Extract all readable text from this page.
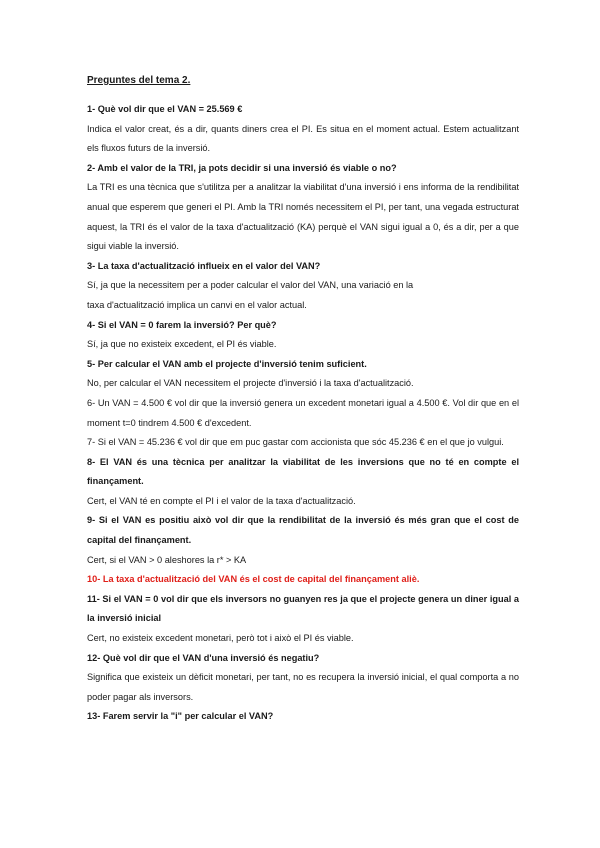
Preguntes del tema 2.

1- Què vol dir que el VAN = 25.569 €

Indica el valor creat, és a dir, quants diners crea el PI. Es situa en el moment actual. Estem actualitzant els fluxos futurs de la inversió.

2- Amb el valor de la TRI, ja pots decidir si una inversió és viable o no?

La TRI es una tècnica que s'utilitza per a analitzar la viabilitat d'una inversió i ens informa de la rendibilitat anual que esperem que generi el PI. Amb la TRI només necessitem el PI, per tant, una vegada estructurat aquest, la TRI és el valor de la taxa d'actualització (KA) perquè el VAN sigui igual a 0, és a dir, per a que sigui viable la inversió.

3- La taxa d'actualització influeix en el valor del VAN?

Sí, ja que la necessitem per a poder calcular el valor del VAN, una variació en la
taxa d'actualització implica un canvi en el valor actual.

4- Si el VAN = 0 farem la inversió? Per què?

Sí, ja que no existeix excedent, el PI és viable.

5- Per calcular el VAN amb el projecte d'inversió tenim suficient.

No, per calcular el VAN necessitem el projecte d'inversió i la taxa d'actualització.

6- Un VAN = 4.500 € vol dir que la inversió genera un excedent monetari igual a 4.500 €. Vol dir que en el moment t=0 tindrem 4.500 € d'excedent.

7- Si el VAN = 45.236 € vol dir que em puc gastar com accionista que sóc 45.236 € en el que jo vulgui.

8- El VAN és una tècnica per analitzar la viabilitat de les inversions que no té en compte el finançament.

Cert, el VAN té en compte el PI i el valor de la taxa d'actualització.

9- Si el VAN es positiu això vol dir que la rendibilitat de la inversió és més gran que el cost de capital del finançament.

Cert, si el VAN > 0 aleshores la r* > KA

10- La taxa d'actualització del VAN és el cost de capital del finançament aliè.

11- Si el VAN = 0 vol dir que els inversors no guanyen res ja que el projecte genera un diner igual a la inversió inicial

Cert, no existeix excedent monetari, però tot i això el PI és viable.

12- Què vol dir que el VAN d'una inversió és negatiu?

Significa que existeix un dèficit monetari, per tant, no es recupera la inversió inicial, el qual comporta a no poder pagar als inversors.

13- Farem servir la "i" per calcular el VAN?
